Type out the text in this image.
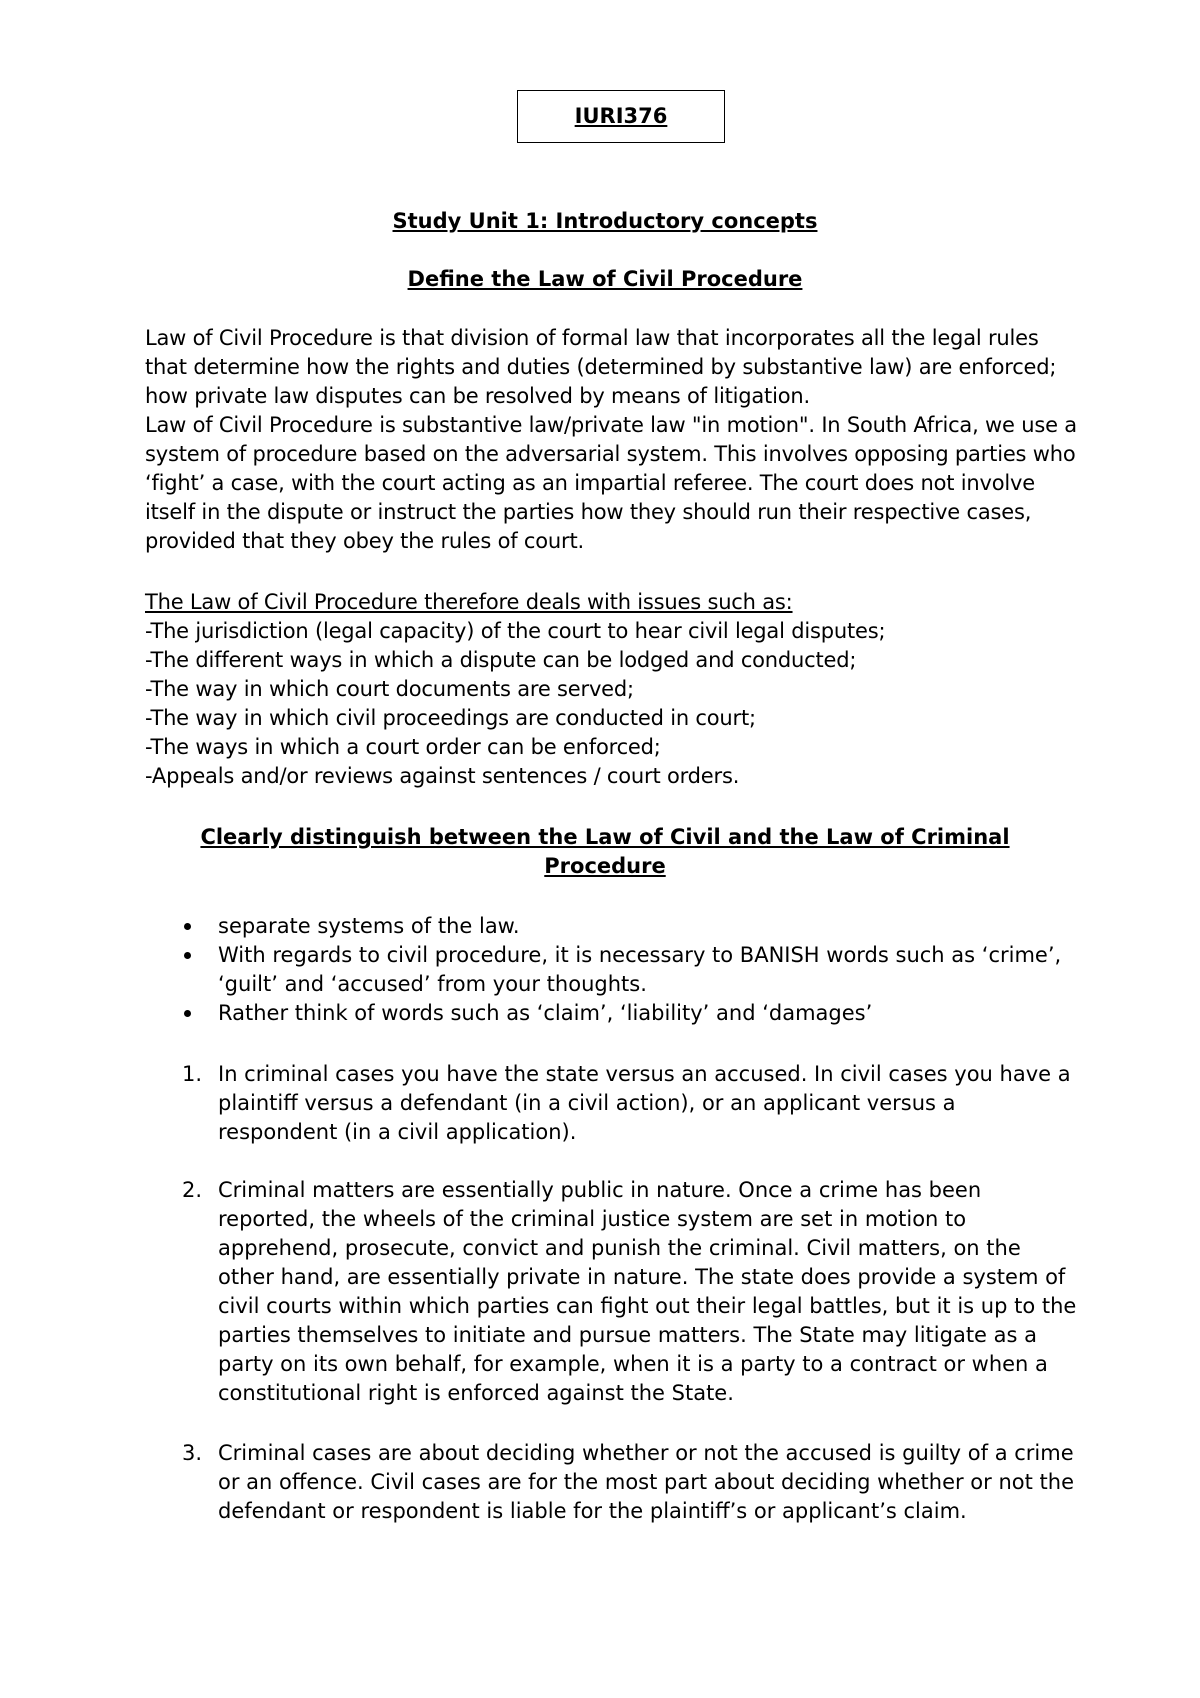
IURI376
Study Unit 1: Introductory concepts
Define the Law of Civil Procedure
Law of Civil Procedure is that division of formal law that incorporates all the legal rules that determine how the rights and duties (determined by substantive law) are enforced; how private law disputes can be resolved by means of litigation.
Law of Civil Procedure is substantive law/private law "in motion". In South Africa, we use a system of procedure based on the adversarial system. This involves opposing parties who ‘fight’ a case, with the court acting as an impartial referee. The court does not involve itself in the dispute or instruct the parties how they should run their respective cases, provided that they obey the rules of court.
The Law of Civil Procedure therefore deals with issues such as:
-The jurisdiction (legal capacity) of the court to hear civil legal disputes;
-The different ways in which a dispute can be lodged and conducted;
-The way in which court documents are served;
-The way in which civil proceedings are conducted in court;
-The ways in which a court order can be enforced;
-Appeals and/or reviews against sentences / court orders.
Clearly distinguish between the Law of Civil and the Law of Criminal Procedure
separate systems of the law.
With regards to civil procedure, it is necessary to BANISH words such as ‘crime’, ‘guilt’ and ‘accused’ from your thoughts.
Rather think of words such as ‘claim’, ‘liability’ and ‘damages’
1. In criminal cases you have the state versus an accused. In civil cases you have a plaintiff versus a defendant (in a civil action), or an applicant versus a respondent (in a civil application).
2. Criminal matters are essentially public in nature. Once a crime has been reported, the wheels of the criminal justice system are set in motion to apprehend, prosecute, convict and punish the criminal. Civil matters, on the other hand, are essentially private in nature. The state does provide a system of civil courts within which parties can fight out their legal battles, but it is up to the parties themselves to initiate and pursue matters. The State may litigate as a party on its own behalf, for example, when it is a party to a contract or when a constitutional right is enforced against the State.
3. Criminal cases are about deciding whether or not the accused is guilty of a crime or an offence. Civil cases are for the most part about deciding whether or not the defendant or respondent is liable for the plaintiff’s or applicant’s claim.
